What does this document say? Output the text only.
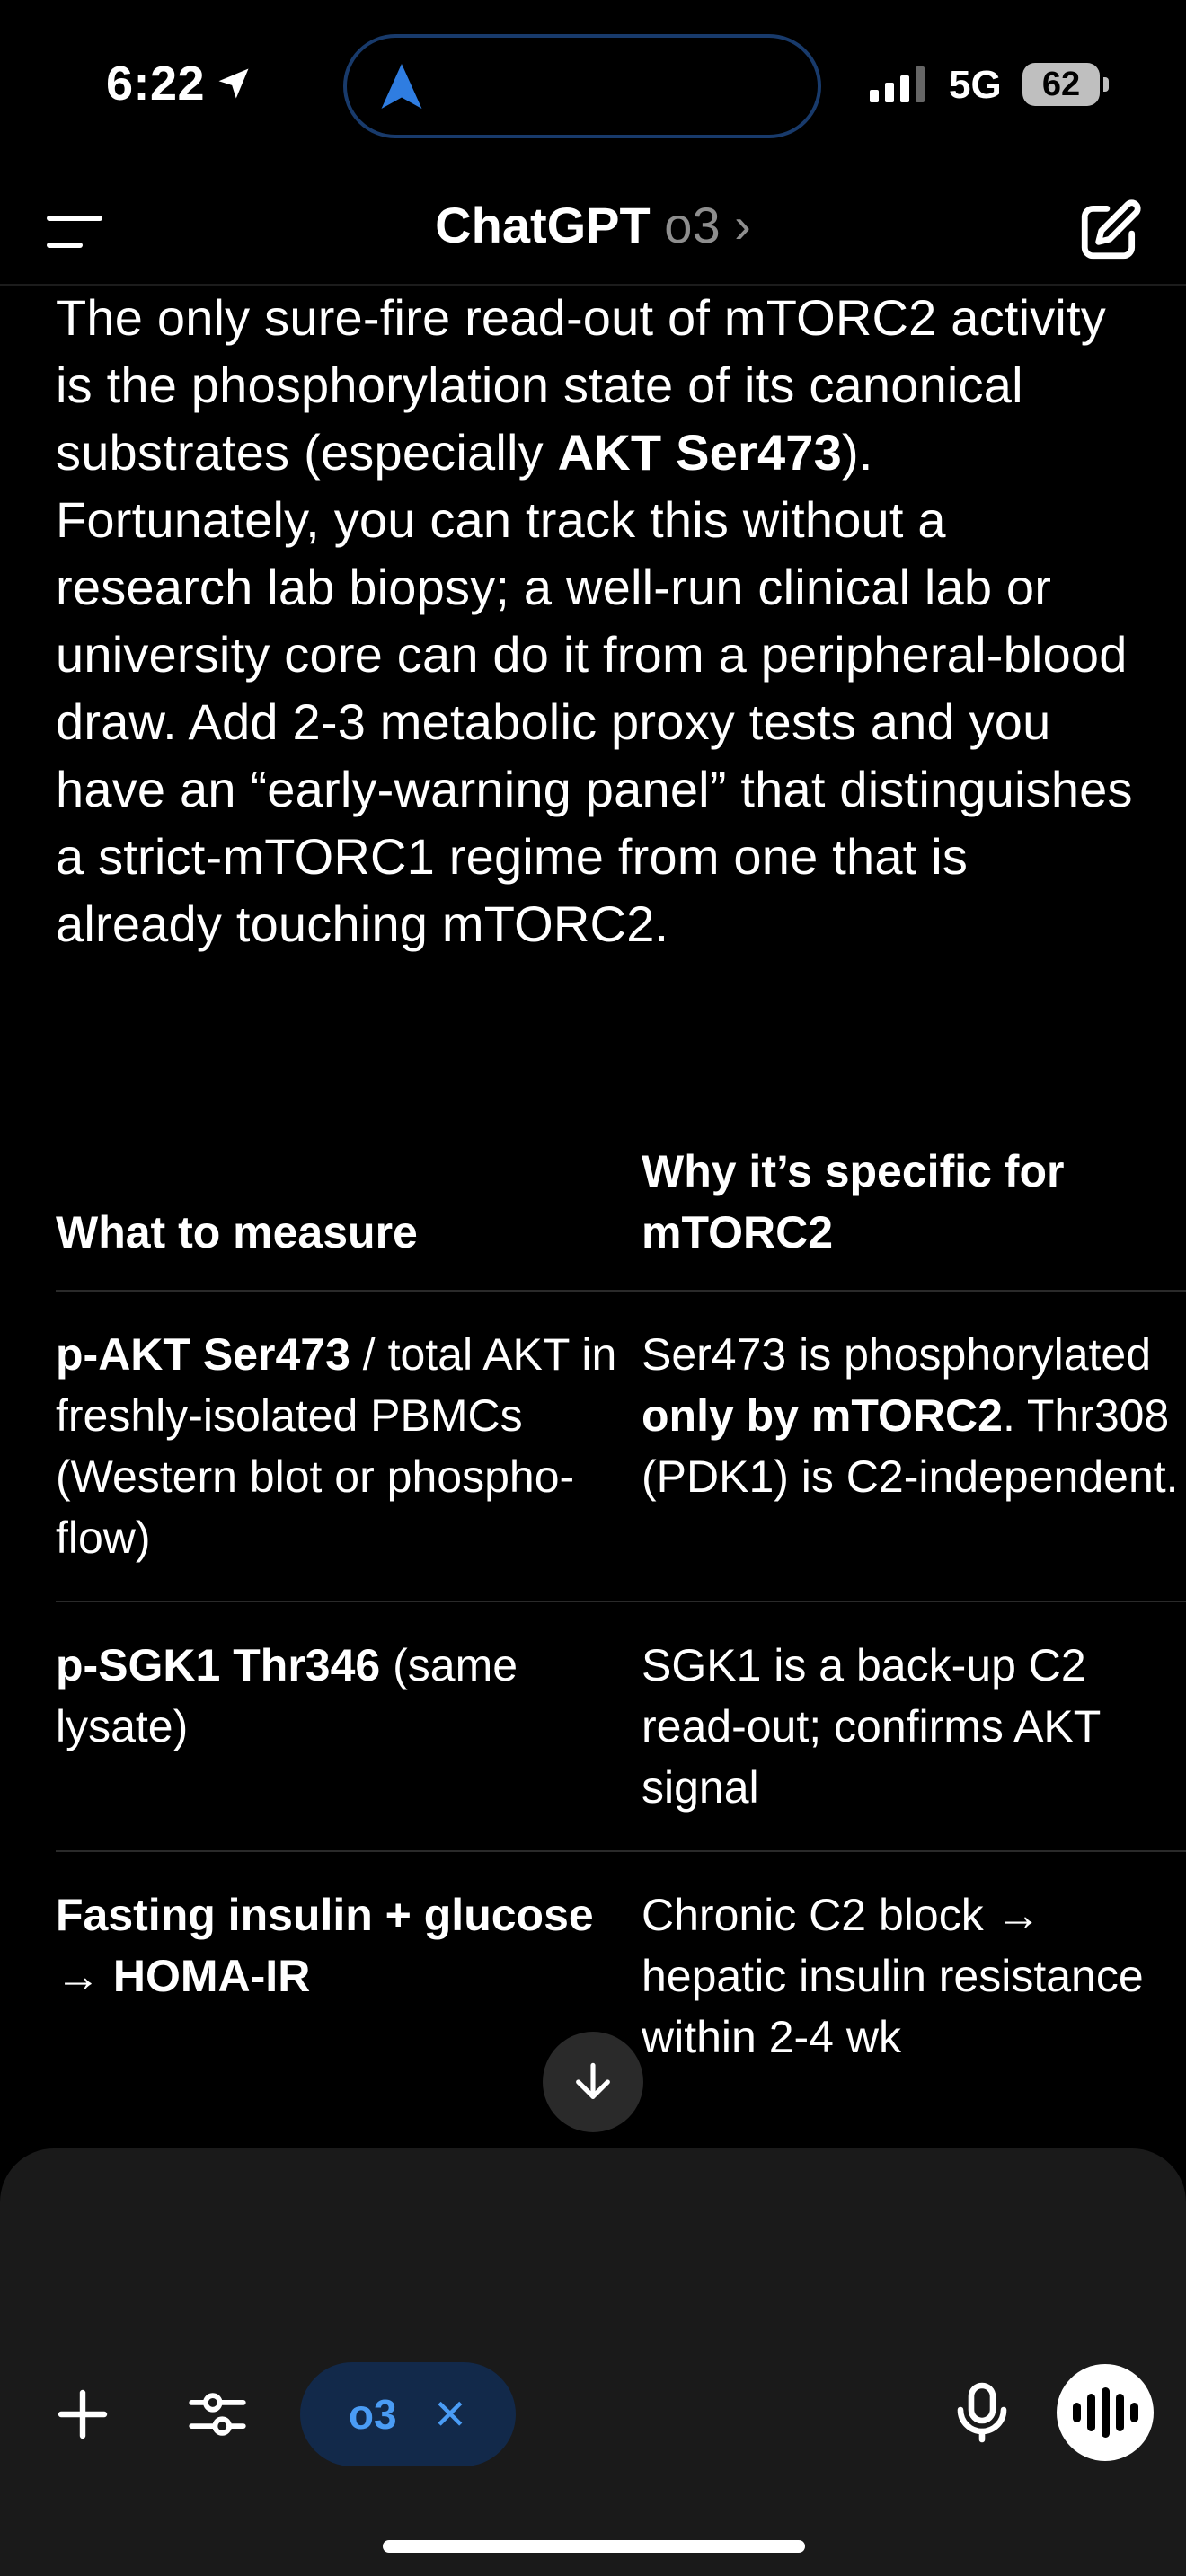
6:22	5G	62
ChatGPT o3 ›

The only sure-fire read-out of mTORC2 activity is the phosphorylation state of its canonical substrates (especially AKT Ser473). Fortunately, you can track this without a research lab biopsy; a well-run clinical lab or university core can do it from a peripheral-blood draw. Add 2-3 metabolic proxy tests and you have an “early-warning panel” that distinguishes a strict-mTORC1 regime from one that is already touching mTORC2.

What to measure	Why it’s specific for mTORC2
p-AKT Ser473 / total AKT in freshly-isolated PBMCs (Western blot or phospho-flow)	Ser473 is phosphorylated only by mTORC2. Thr308 (PDK1) is C2-independent.
p-SGK1 Thr346 (same lysate)	SGK1 is a back-up C2 read-out; confirms AKT signal
Fasting insulin + glucose → HOMA-IR	Chronic C2 block → hepatic insulin resistance within 2-4 wk
o3 ✕
